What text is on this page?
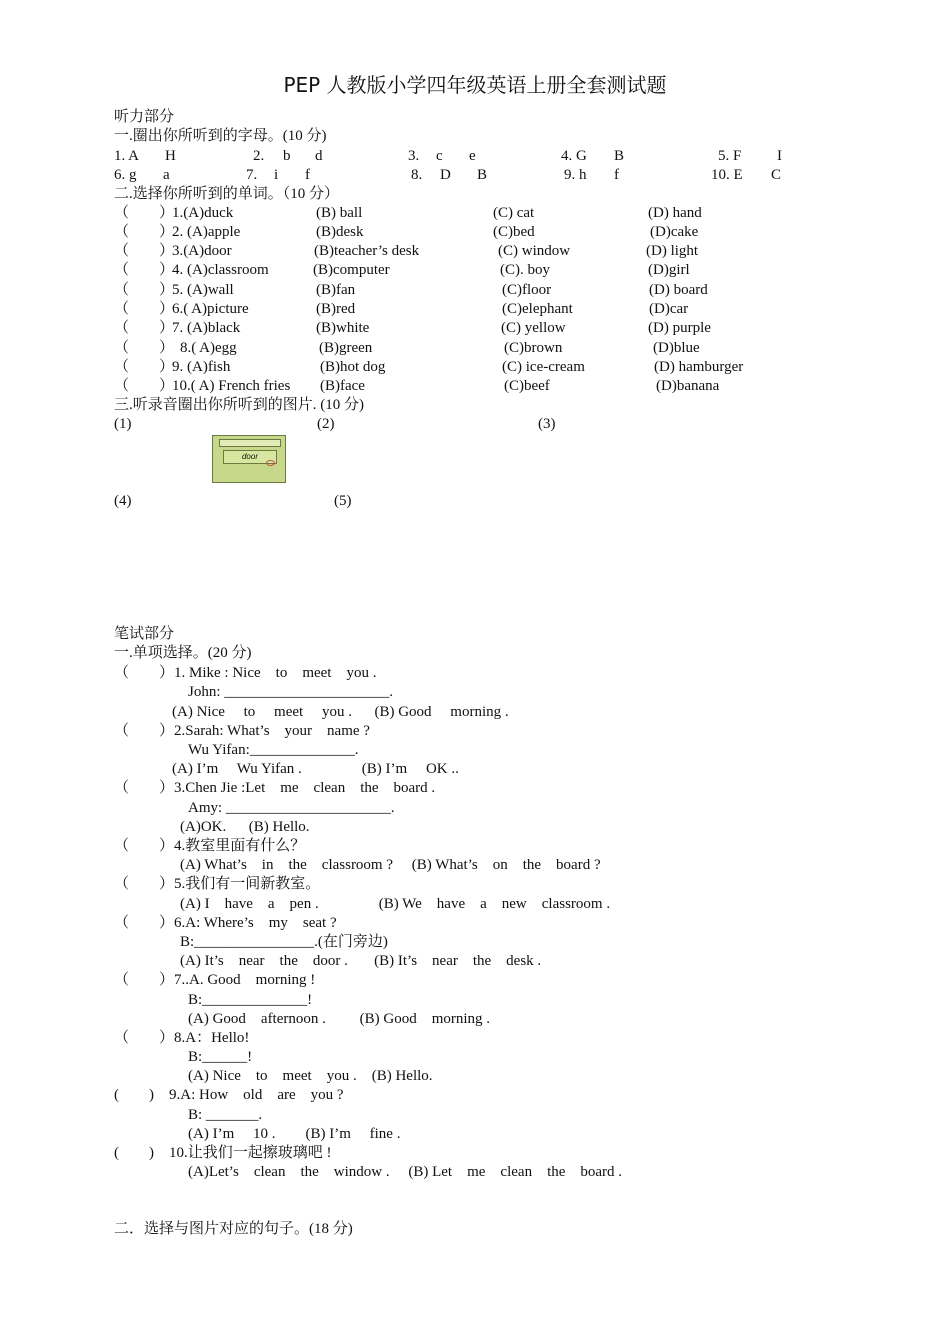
PEP 人教版小学四年级英语上册全套测试题
听力部分
一.圈出你所听到的字母。(10 分)
1. A H	2. b d	3. c e	4. G B	5. F I
6. g a	7. i f	8. D B	9. h f	10. E C
二.选择你所听到的单词。（10 分）
（　　）
1.(A)duck	(B) ball	(C) cat	(D) hand
（　　）
2. (A)apple	(B)desk	(C)bed	(D)cake
（　　）
3.(A)door	(B)teacher’s desk	(C) window	(D) light
（　　）
4. (A)classroom	(B)computer	(C). boy	(D)girl
（　　）
5. (A)wall	(B)fan	(C)floor	(D) board
（　　）
6.( A)picture	(B)red	(C)elephant	(D)car
（　　）
7. (A)black	(B)white	(C) yellow	(D) purple
（　　） 8.( A)egg	(B)green	(C)brown	(D)blue
（　　）
9. (A)fish	(B)hot dog	(C) ice-cream	(D) hamburger
（　　）
10.( A) French fries (B)face	(C)beef	(D)banana
三.听录音圈出你所听到的图片. (10 分)
(1)	(2)	(3)
door
(4)	(5)
笔试部分
一.单项选择。(20 分)
（　　）1. Mike : Nice    to    meet    you .
John: ______________________.
(A) Nice     to     meet     you .      (B) Good     morning .
（　　）2.Sarah: What’s    your    name ?
Wu Yifan:______________.
(A) I’m     Wu Yifan .                (B) I’m     OK ..
（　　）3.Chen Jie :Let    me    clean    the    board .
Amy: ______________________.
(A)OK.      (B) Hello.
（　　）4.教室里面有什么？
(A) What’s    in    the    classroom ?     (B) What’s    on    the    board ?
（　　）5.我们有一间新教室。
(A) I    have    a    pen .                (B) We    have    a    new    classroom .
（　　）6.A: Where’s    my    seat ?
B:________________.(在门旁边)
(A) It’s    near    the    door .       (B) It’s    near    the    desk .
（　　）7..A. Good    morning !
B:______________!
(A) Good    afternoon .         (B) Good    morning .
（　　）8.A：Hello!
B:______!
(A) Nice    to    meet    you .    (B) Hello.
(　　)　9.A: How    old    are    you ?
B: _______.
(A) I’m     10 .        (B) I’m     fine .
(　　)　10.让我们一起擦玻璃吧 !
(A)Let’s    clean    the    window .     (B) Let    me    clean    the    board .
二．选择与图片对应的句子。(18 分)
